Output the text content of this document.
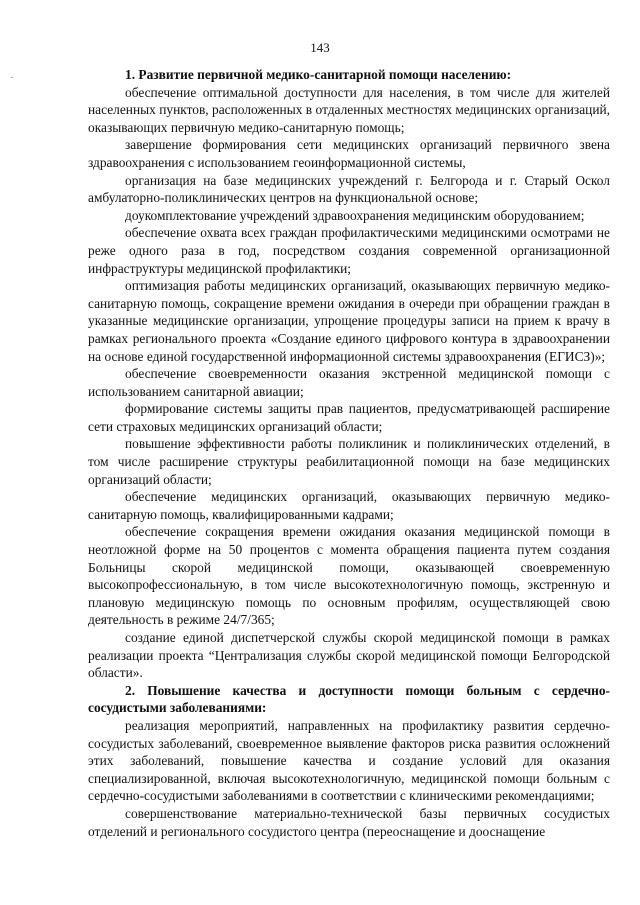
143
·	1. Развитие первичной медико-санитарной помощи населению:

обеспечение оптимальной доступности для населения, в том числе для жителей населенных пунктов, расположенных в отдаленных местностях медицинских организаций, оказывающих первичную медико-санитарную помощь;

завершение формирования сети медицинских организаций первичного звена здравоохранения с использованием геоинформационной системы,

организация на базе медицинских учреждений г. Белгорода и г. Старый Оскол амбулаторно-поликлинических центров на функциональной основе;

доукомплектование учреждений здравоохранения медицинским оборудованием;

обеспечение охвата всех граждан профилактическими медицинскими осмотрами не реже одного раза в год, посредством создания современной организационной инфраструктуры медицинской профилактики;

оптимизация работы медицинских организаций, оказывающих первичную медико-санитарную помощь, сокращение времени ожидания в очереди при обращении граждан в указанные медицинские организации, упрощение процедуры записи на прием к врачу в рамках регионального проекта «Создание единого цифрового контура в здравоохранении на основе единой государственной информационной системы здравоохранения (ЕГИСЗ)»;

обеспечение своевременности оказания экстренной медицинской помощи с использованием санитарной авиации;

формирование системы защиты прав пациентов, предусматривающей расширение сети страховых медицинских организаций области;

повышение эффективности работы поликлиник и поликлинических отделений, в том числе расширение структуры реабилитационной помощи на базе медицинских организаций области;

обеспечение медицинских организаций, оказывающих первичную медико-санитарную помощь, квалифицированными кадрами;

обеспечение сокращения времени ожидания оказания медицинской помощи в неотложной форме на 50 процентов с момента обращения пациента путем создания Больницы скорой медицинской помощи, оказывающей своевременную высокопрофессиональную, в том числе высокотехнологичную помощь, экстренную и плановую медицинскую помощь по основным профилям, осуществляющей свою деятельность в режиме 24/7/365;

создание единой диспетчерской службы скорой медицинской помощи в рамках реализации проекта “Централизация службы скорой медицинской помощи Белгородской области».

2. Повышение качества и доступности помощи больным с сердечно-сосудистыми заболеваниями:

реализация мероприятий, направленных на профилактику развития сердечно-сосудистых заболеваний, своевременное выявление факторов риска развития осложнений этих заболеваний, повышение качества и создание условий для оказания специализированной, включая высокотехнологичную, медицинской помощи больным с сердечно-сосудистыми заболеваниями в соответствии с клиническими рекомендациями;

совершенствование материально-технической базы первичных сосудистых отделений и регионального сосудистого центра (переоснащение и дооснащение
